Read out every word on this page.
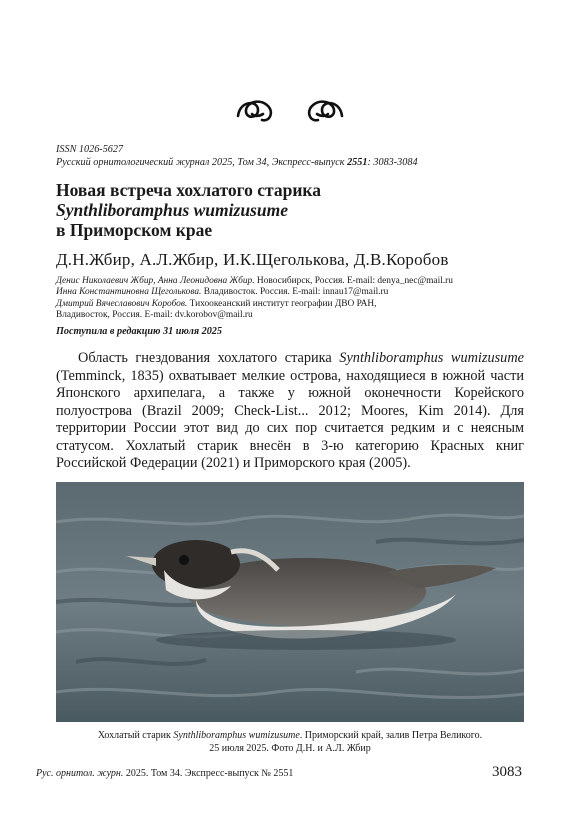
ISSN 1026-5627
Русский орнитологический журнал 2025, Том 34, Экспресс-выпуск 2551: 3083-3084
Новая встреча хохлатого старика
Synthliboramphus wumizusume
в Приморском крае
Д.Н.Жбир, А.Л.Жбир, И.К.Щеголькова, Д.В.Коробов
Денис Николаевич Жбир, Анна Леонидовна Жбир. Новосибирск, Россия. E-mail: denya_nec@mail.ru
Инна Константиновна Щеголькова. Владивосток. Россия. E-mail: innau17@mail.ru
Дмитрий Вячеславович Коробов. Тихоокеанский институт географии ДВО РАН,
Владивосток, Россия. E-mail: dv.korobov@mail.ru
Поступила в редакцию 31 июля 2025

Область гнездования хохлатого старика Synthliboramphus wumizusume (Temminck, 1835) охватывает мелкие острова, находящиеся в южной части Японского архипелага, а также у южной оконечности Корейского полуострова (Brazil 2009; Check-List... 2012; Moores, Kim 2014). Для территории России этот вид до сих пор считается редким и с неясным статусом. Хохлатый старик внесён в 3-ю категорию Красных книг Российской Федерации (2021) и Приморского края (2005).

Хохлатый старик Synthliboramphus wumizusume. Приморский край, залив Петра Великого.
25 июля 2025. Фото Д.Н. и А.Л. Жбир
Рус. орнитол. журн. 2025. Том 34. Экспресс-выпуск № 2551	3083
